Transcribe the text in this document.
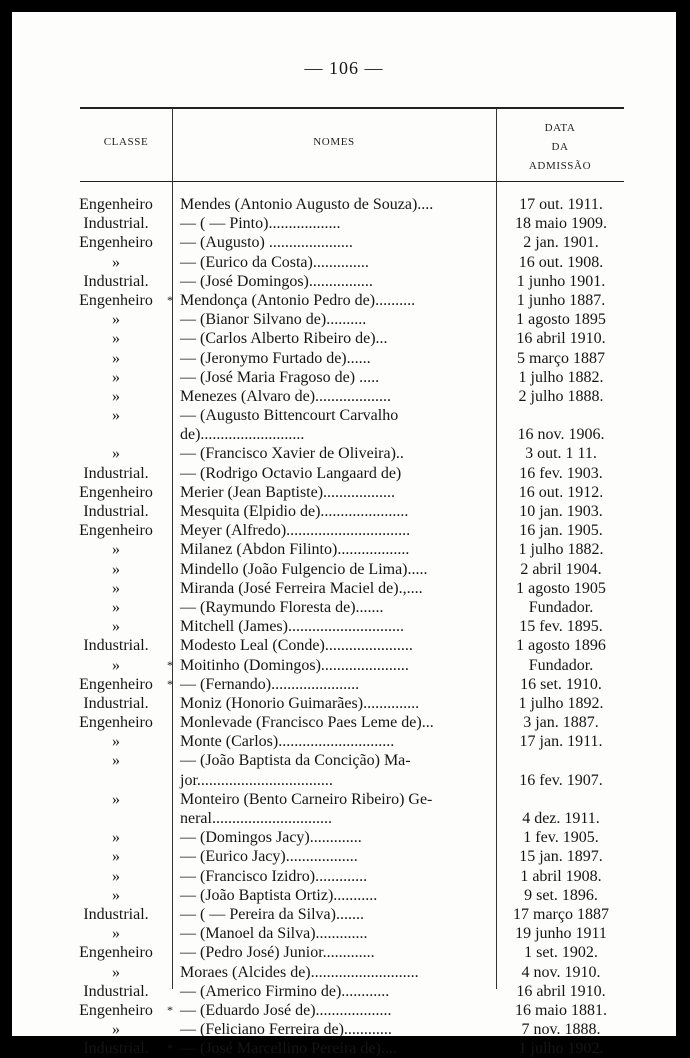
— 106 —
CLASSE	NOMES
DATA
DA
ADMISSÃO
Engenheiro	Mendes (Antonio Augusto de Souza)....	17 out. 1911.
Industrial.	— ( — Pinto)..................	18 maio 1909.
Engenheiro	— (Augusto) .....................	2 jan. 1901.
»	— (Eurico da Costa)..............	16 out. 1908.
Industrial.	— (José Domingos)................	1 junho 1901.
Engenheiro	* Mendonça (Antonio Pedro de)..........	1 junho 1887.
»	— (Bianor Silvano de)..........	1 agosto 1895
»	— (Carlos Alberto Ribeiro de)...	16 abril 1910.
»	— (Jeronymo Furtado de)......	5 março 1887
»	— (José Maria Fragoso de) .....	1 julho 1882.
»	Menezes (Alvaro de)...................	2 julho 1888.
»	— (Augusto Bittencourt Carvalho
de)..........................	16 nov. 1906.
»	— (Francisco Xavier de Oliveira)..	3 out. 1 11.
Industrial.	— (Rodrigo Octavio Langaard de)	16 fev. 1903.
Engenheiro	Merier (Jean Baptiste)..................	16 out. 1912.
Industrial.	Mesquita (Elpidio de)......................	10 jan. 1903.
Engenheiro	Meyer (Alfredo)...............................	16 jan. 1905.
»	Milanez (Abdon Filinto)..................	1 julho 1882.
»	Mindello (João Fulgencio de Lima).....	2 abril 1904.
»	Miranda (José Ferreira Maciel de).,....	1 agosto 1905
»	— (Raymundo Floresta de).......	Fundador.
»	Mitchell (James).............................	15 fev. 1895.
Industrial.	Modesto Leal (Conde)......................	1 agosto 1896
»	* Moitinho (Domingos)......................	Fundador.
Engenheiro	* — (Fernando)......................	16 set. 1910.
Industrial.	Moniz (Honorio Guimarães)..............	1 julho 1892.
Engenheiro	Monlevade (Francisco Paes Leme de)...	3 jan. 1887.
»	Monte (Carlos).............................	17 jan. 1911.
»	— (João Baptista da Concição) Ma-
jor..................................	16 fev. 1907.
»	Monteiro (Bento Carneiro Ribeiro) Ge-
neral..............................	4 dez. 1911.
»	— (Domingos Jacy).............	1 fev. 1905.
»	— (Eurico Jacy)..................	15 jan. 1897.
»	— (Francisco Izidro).............	1 abril 1908.
»	— (João Baptista Ortiz)...........	9 set. 1896.
Industrial.	— ( — Pereira da Silva).......	17 março 1887
»	— (Manoel da Silva).............	19 junho 1911
Engenheiro	— (Pedro José) Junior.............	1 set. 1902.
»	Moraes (Alcides de)...........................	4 nov. 1910.
Industrial.	— (Americo Firmino de)............	16 abril 1910.
Engenheiro	* — (Eduardo José de)...................	16 maio 1881.
»	— (Feliciano Ferreira de)............	7 nov. 1888.
Industrial.	* — (José Marcellino Pereira de)....	1 julho 1902.
